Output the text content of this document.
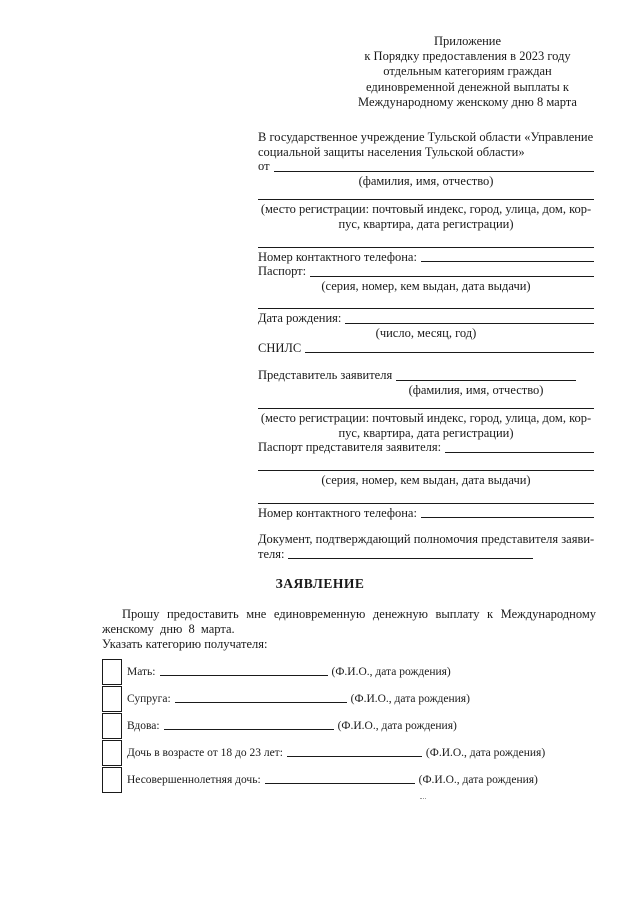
Приложение
к Порядку предоставления в 2023 году
отдельным категориям граждан
единовременной денежной выплаты к
Международному женскому дню 8 марта
В государственное учреждение Тульской области «Управление
социальной защиты населения Тульской области»
от
(фамилия, имя, отчество)
(место регистрации: почтовый индекс, город, улица, дом, кор-
пус, квартира, дата регистрации)
Номер контактного телефона:
Паспорт:
(серия, номер, кем выдан, дата выдачи)
Дата рождения:
(число, месяц, год)
СНИЛС
Представитель заявителя
(фамилия, имя, отчество)
(место регистрации: почтовый индекс, город, улица, дом, кор-
пус, квартира, дата регистрации)
Паспорт представителя заявителя:
(серия, номер, кем выдан, дата выдачи)
Номер контактного телефона:
Документ, подтверждающий полномочия представителя заяви-
теля:
ЗАЯВЛЕНИЕ
Прошу предоставить мне единовременную денежную выплату к Международному женскому дню 8 марта.
Указать категорию получателя:
Мать:	(Ф.И.О., дата рождения)
Супруга:	(Ф.И.О., дата рождения)
Вдова:	(Ф.И.О., дата рождения)
Дочь в возрасте от 18 до 23 лет:	(Ф.И.О., дата рождения)
Несовершеннолетняя дочь:	(Ф.И.О., дата рождения)
